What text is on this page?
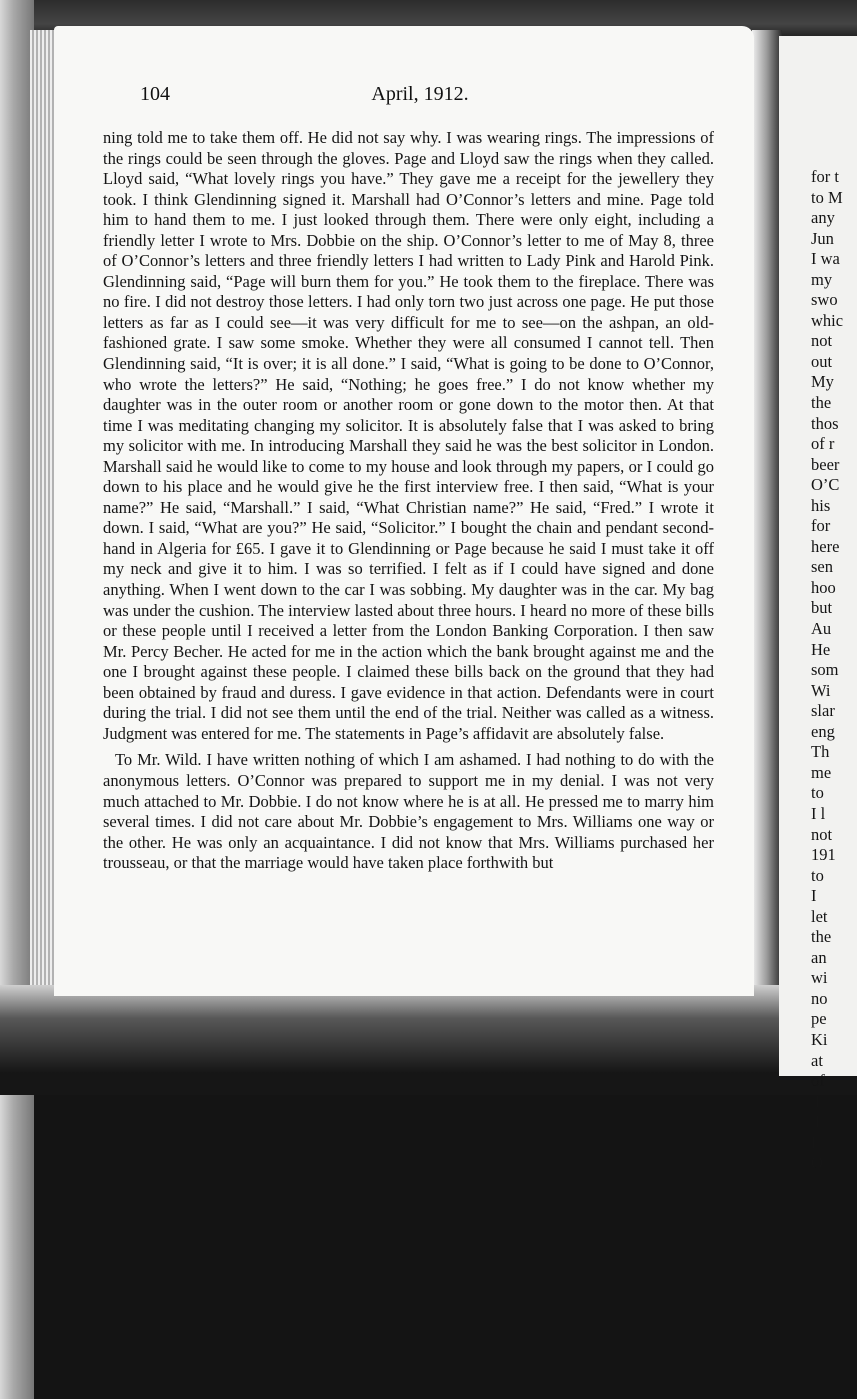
104	April, 1912.

ning told me to take them off. He did not say why. I was wearing rings. The impressions of the rings could be seen through the gloves. Page and Lloyd saw the rings when they called. Lloyd said, “What lovely rings you have.” They gave me a receipt for the jewellery they took. I think Glendinning signed it. Marshall had O’Connor’s letters and mine. Page told him to hand them to me. I just looked through them. There were only eight, including a friendly letter I wrote to Mrs. Dobbie on the ship. O’Connor’s letter to me of May 8, three of O’Connor’s letters and three friendly letters I had written to Lady Pink and Harold Pink. Glendinning said, “Page will burn them for you.” He took them to the fireplace. There was no fire. I did not destroy those letters. I had only torn two just across one page. He put those letters as far as I could see—it was very difficult for me to see—on the ashpan, an old-fashioned grate. I saw some smoke. Whether they were all consumed I cannot tell. Then Glendinning said, “It is over; it is all done.” I said, “What is going to be done to O’Connor, who wrote the letters?” He said, “Nothing; he goes free.” I do not know whether my daughter was in the outer room or another room or gone down to the motor then. At that time I was meditating changing my solicitor. It is absolutely false that I was asked to bring my solicitor with me. In introducing Marshall they said he was the best solicitor in London. Marshall said he would like to come to my house and look through my papers, or I could go down to his place and he would give he the first interview free. I then said, “What is your name?” He said, “Marshall.” I said, “What Christian name?” He said, “Fred.” I wrote it down. I said, “What are you?” He said, “Solicitor.” I bought the chain and pendant second-hand in Algeria for £65. I gave it to Glendinning or Page because he said I must take it off my neck and give it to him. I was so terrified. I felt as if I could have signed and done anything. When I went down to the car I was sobbing. My daughter was in the car. My bag was under the cushion. The interview lasted about three hours. I heard no more of these bills or these people until I received a letter from the London Banking Corporation. I then saw Mr. Percy Becher. He acted for me in the action which the bank brought against me and the one I brought against these people. I claimed these bills back on the ground that they had been obtained by fraud and duress. I gave evidence in that action. Defendants were in court during the trial. I did not see them until the end of the trial. Neither was called as a witness. Judgment was entered for me. The statements in Page’s affidavit are absolutely false.

To Mr. Wild. I have written nothing of which I am ashamed. I had nothing to do with the anonymous letters. O’Connor was prepared to support me in my denial. I was not very much attached to Mr. Dobbie. I do not know where he is at all. He pressed me to marry him several times. I did not care about Mr. Dobbie’s engagement to Mrs. Williams one way or the other. He was only an acquaintance. I did not know that Mrs. Williams purchased her trousseau, or that the marriage would have taken place forthwith but

for t
to M
any
Jun
I wa
my
swo
whic
not
out
My
the
thos
of r
beer
O’C
his
for
here
sen
hoo
but
Au
He
som
Wi
slar
eng
Th
me
to
I l
not
191
to
I
let
the
an
wi
no
pe
Ki
at
of
th
th
I
O’
